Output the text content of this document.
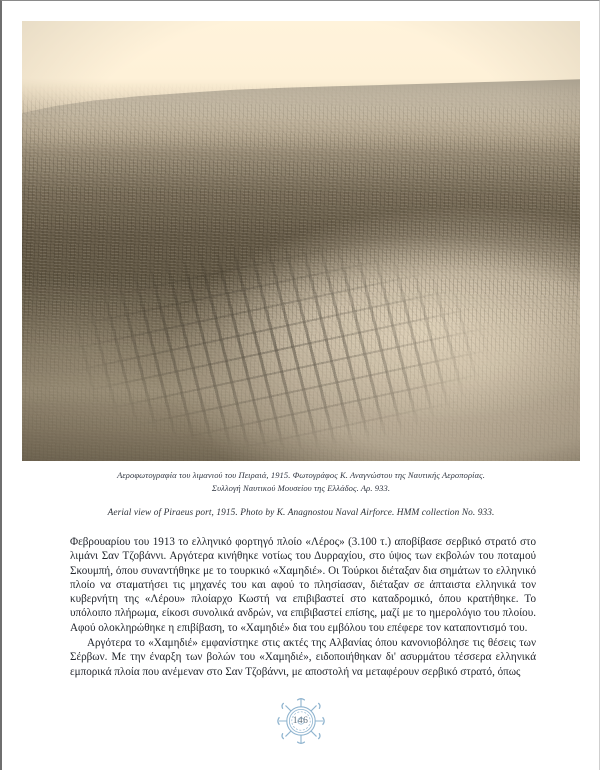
Αεροφωτογραφία του λιμανιού του Πειραιά, 1915. Φωτογράφος Κ. Αναγνώστου της Ναυτικής Αεροπορίας.
Συλλογή Ναυτικού Μουσείου της Ελλάδος. Αρ. 933.
Aerial view of Piraeus port, 1915. Photo by K. Anagnostou Naval Airforce. HMM collection No. 933.

Φεβρουαρίου του 1913 το ελληνικό φορτηγό πλοίο «Λέρος» (3.100 τ.) αποβίβασε σερβικό στρατό στο λιμάνι Σαν Τζοβάννι. Αργότερα κινήθηκε νοτίως του Δυρραχίου, στο ύψος των εκβολών του ποταμού Σκουμπή, όπου συναντήθηκε με το τουρκικό «Χαμηδιέ». Οι Τούρκοι διέταξαν δια σημάτων το ελληνικό πλοίο να σταματήσει τις μηχανές του και αφού το πλησίασαν, διέταξαν σε άπταιστα ελληνικά τον κυβερνήτη της «Λέρου» πλοίαρχο Κωστή να επιβιβαστεί στο καταδρομικό, όπου κρατήθηκε. Το υπόλοιπο πλήρωμα, είκοσι συνολικά ανδρών, να επιβιβαστεί επίσης, μαζί με το ημερολόγιο του πλοίου. Αφού ολοκληρώθηκε η επιβίβαση, το «Χαμηδιέ» δια του εμβόλου του επέφερε τον καταποντισμό του.

Αργότερα το «Χαμηδιέ» εμφανίστηκε στις ακτές της Αλβανίας όπου κανονιοβόλησε τις θέσεις των Σέρβων. Με την έναρξη των βολών του «Χαμηδιέ», ειδοποιήθηκαν δι' ασυρμάτου τέσσερα ελληνικά εμπορικά πλοία που ανέμεναν στο Σαν Τζοβάννι, με αποστολή να μεταφέρουν σερβικό στρατό, όπως

146
